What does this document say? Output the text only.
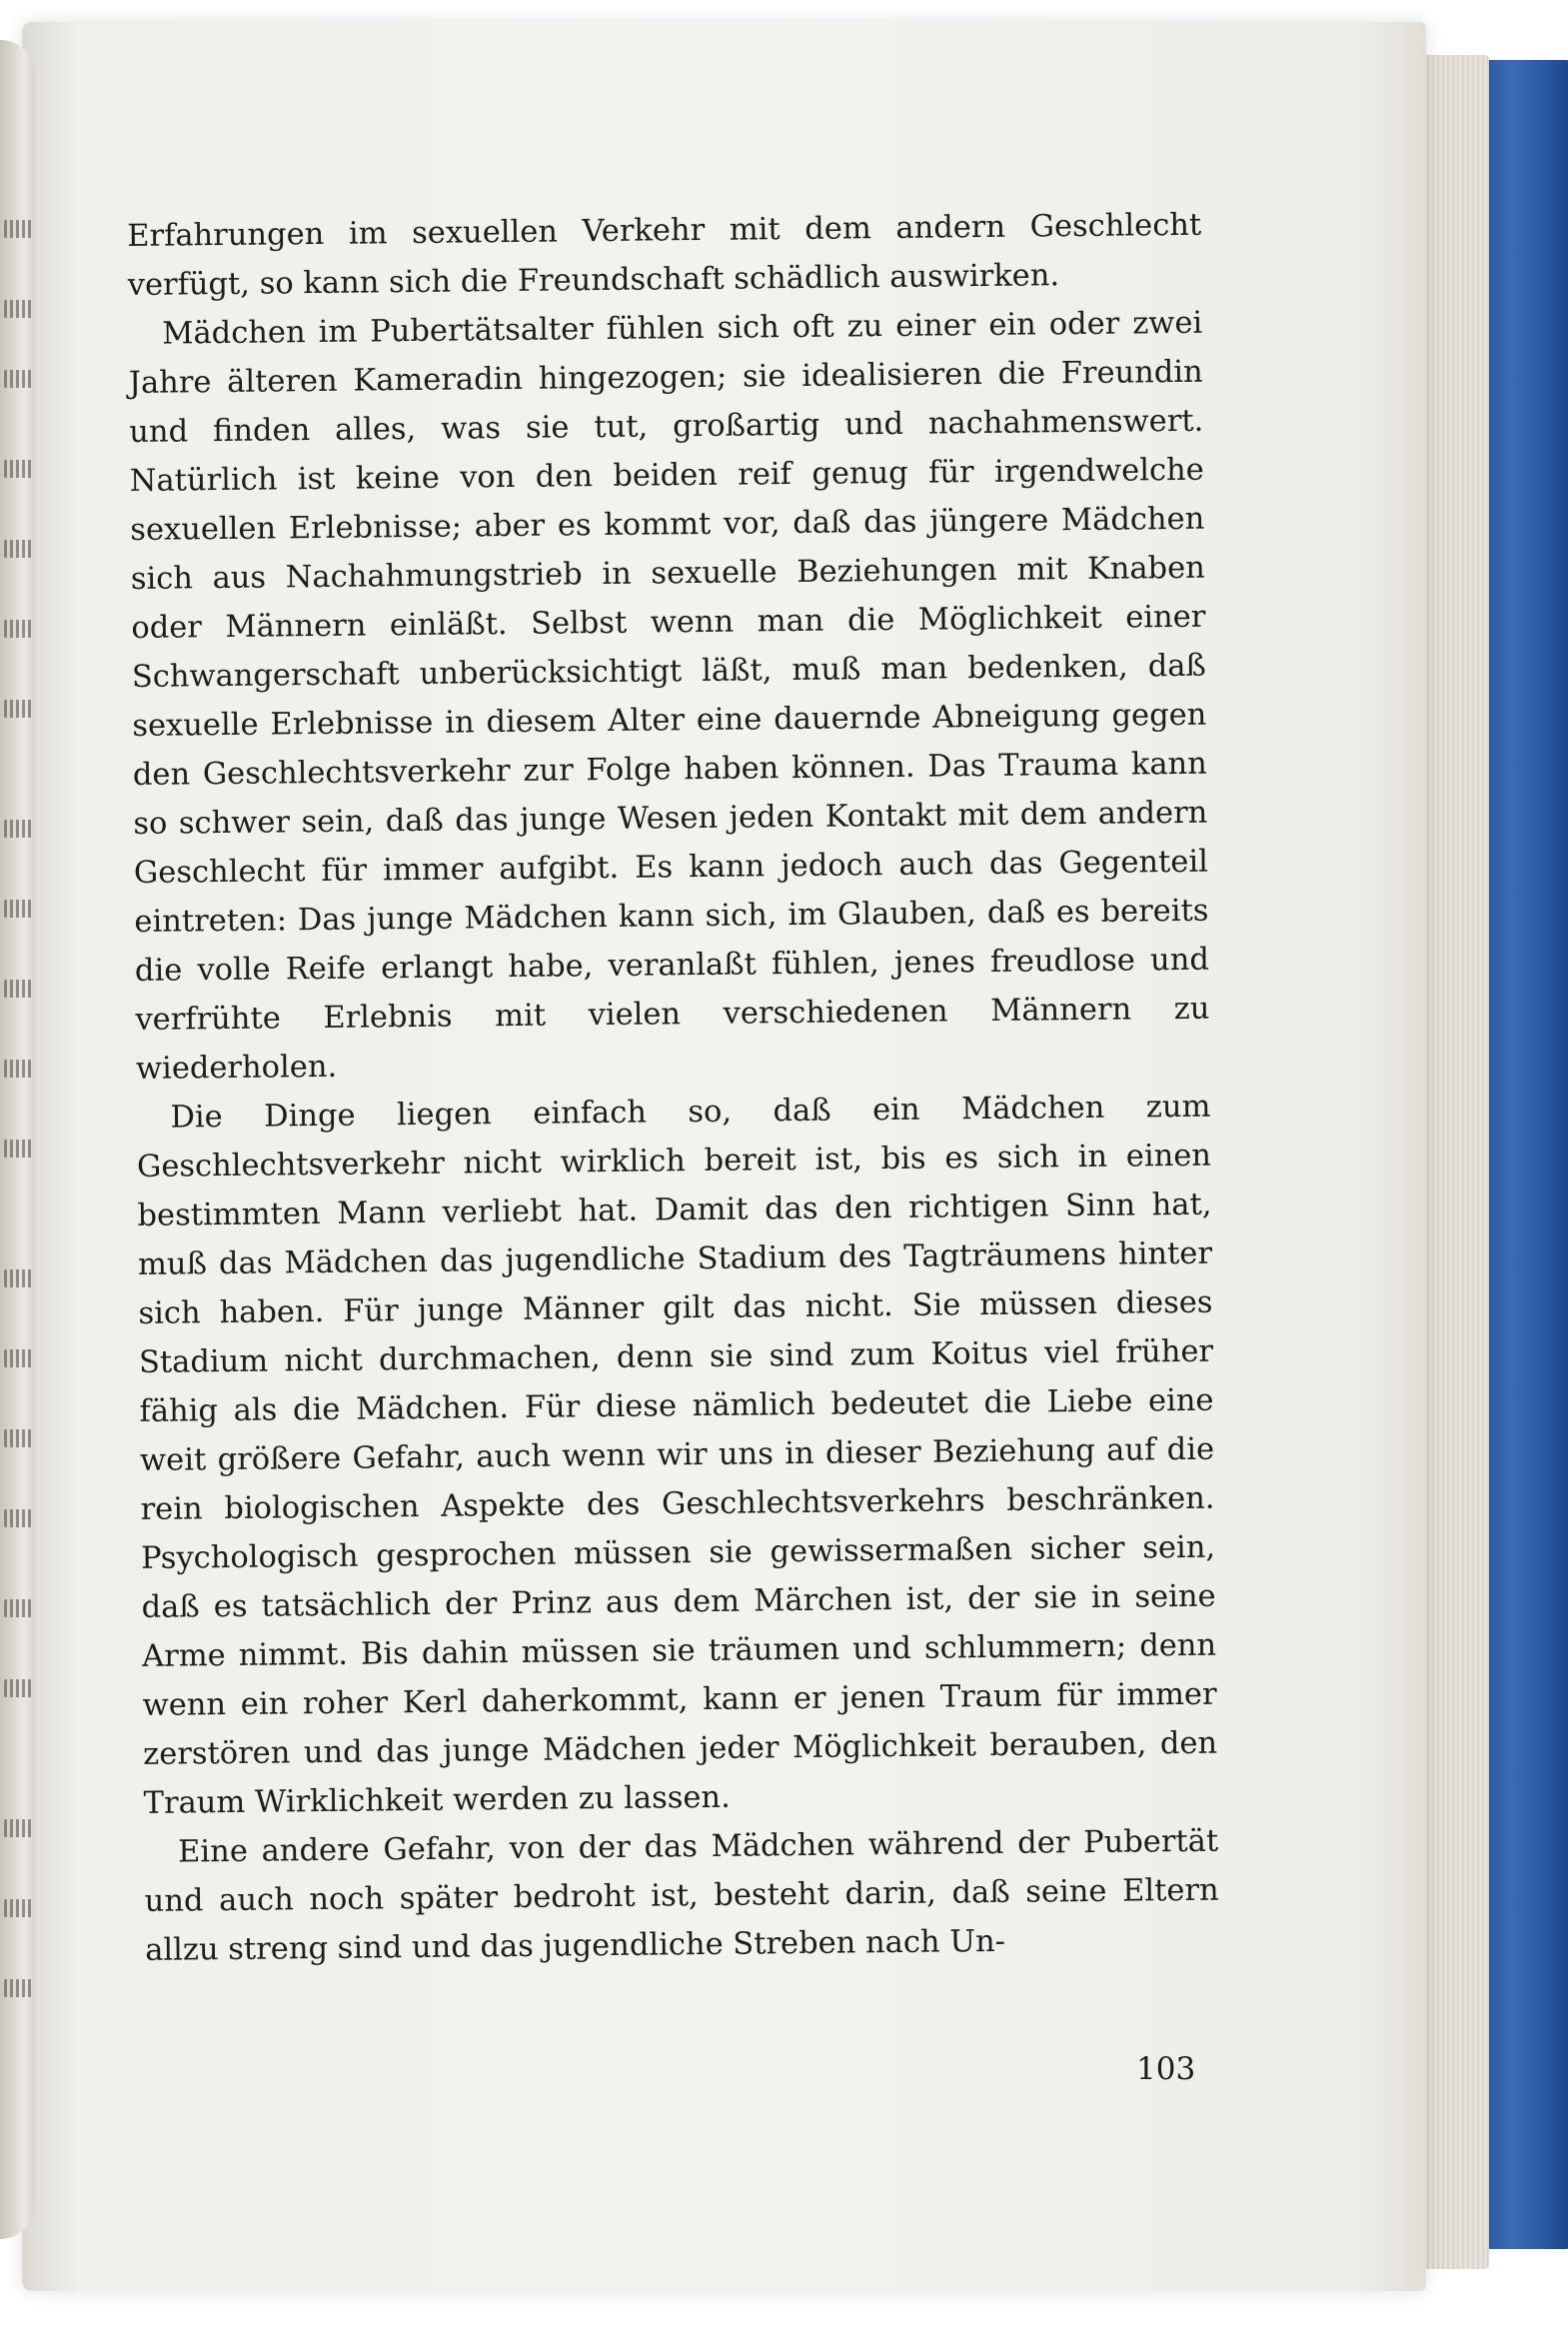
Erfahrungen im sexuellen Verkehr mit dem andern Geschlecht verfügt, so kann sich die Freundschaft schädlich auswirken.

Mädchen im Pubertätsalter fühlen sich oft zu einer ein oder zwei Jahre älteren Kameradin hingezogen; sie idealisieren die Freundin und finden alles, was sie tut, großartig und nachahmenswert. Natürlich ist keine von den beiden reif genug für irgendwelche sexuellen Erlebnisse; aber es kommt vor, daß das jüngere Mädchen sich aus Nachahmungstrieb in sexuelle Beziehungen mit Knaben oder Männern einläßt. Selbst wenn man die Möglichkeit einer Schwangerschaft unberücksichtigt läßt, muß man bedenken, daß sexuelle Erlebnisse in diesem Alter eine dauernde Abneigung gegen den Geschlechtsverkehr zur Folge haben können. Das Trauma kann so schwer sein, daß das junge Wesen jeden Kontakt mit dem andern Geschlecht für immer aufgibt. Es kann jedoch auch das Gegenteil eintreten: Das junge Mädchen kann sich, im Glauben, daß es bereits die volle Reife erlangt habe, veranlaßt fühlen, jenes freudlose und verfrühte Erlebnis mit vielen verschiedenen Männern zu wiederholen.

Die Dinge liegen einfach so, daß ein Mädchen zum Geschlechtsverkehr nicht wirklich bereit ist, bis es sich in einen bestimmten Mann verliebt hat. Damit das den richtigen Sinn hat, muß das Mädchen das jugendliche Stadium des Tagträumens hinter sich haben. Für junge Männer gilt das nicht. Sie müssen dieses Stadium nicht durchmachen, denn sie sind zum Koitus viel früher fähig als die Mädchen. Für diese nämlich bedeutet die Liebe eine weit größere Gefahr, auch wenn wir uns in dieser Beziehung auf die rein biologischen Aspekte des Geschlechtsverkehrs beschränken. Psychologisch gesprochen müssen sie gewissermaßen sicher sein, daß es tatsächlich der Prinz aus dem Märchen ist, der sie in seine Arme nimmt. Bis dahin müssen sie träumen und schlummern; denn wenn ein roher Kerl daherkommt, kann er jenen Traum für immer zerstören und das junge Mädchen jeder Möglichkeit berauben, den Traum Wirklichkeit werden zu lassen.

Eine andere Gefahr, von der das Mädchen während der Pubertät und auch noch später bedroht ist, besteht darin, daß seine Eltern allzu streng sind und das jugendliche Streben nach Un-

103
